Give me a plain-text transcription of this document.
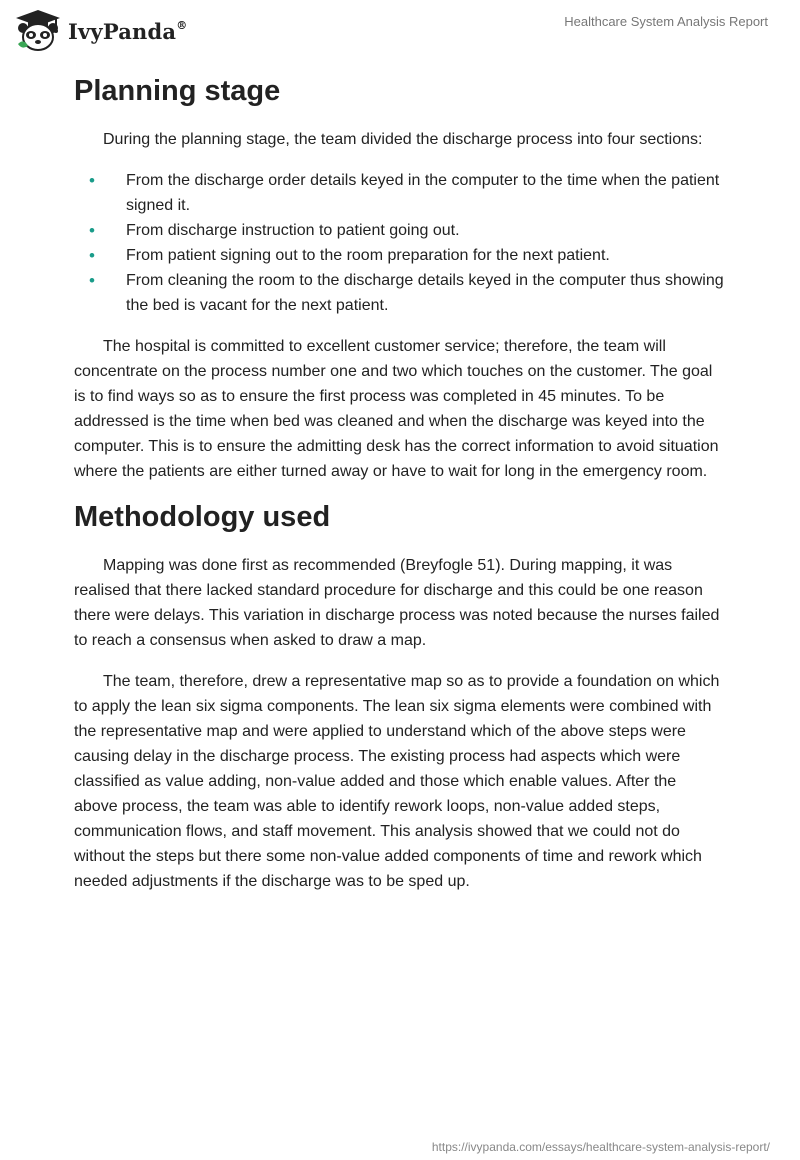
IvyPanda®	Healthcare System Analysis Report
Planning stage

During the planning stage, the team divided the discharge process into four sections:

• From the discharge order details keyed in the computer to the time when the patient signed it.
• From discharge instruction to patient going out.
• From patient signing out to the room preparation for the next patient.
• From cleaning the room to the discharge details keyed in the computer thus showing the bed is vacant for the next patient.

The hospital is committed to excellent customer service; therefore, the team will concentrate on the process number one and two which touches on the customer. The goal is to find ways so as to ensure the first process was completed in 45 minutes. To be addressed is the time when bed was cleaned and when the discharge was keyed into the computer. This is to ensure the admitting desk has the correct information to avoid situation where the patients are either turned away or have to wait for long in the emergency room.

Methodology used

Mapping was done first as recommended (Breyfogle 51). During mapping, it was realised that there lacked standard procedure for discharge and this could be one reason there were delays. This variation in discharge process was noted because the nurses failed to reach a consensus when asked to draw a map.

The team, therefore, drew a representative map so as to provide a foundation on which to apply the lean six sigma components. The lean six sigma elements were combined with the representative map and were applied to understand which of the above steps were causing delay in the discharge process. The existing process had aspects which were classified as value adding, non-value added and those which enable values. After the above process, the team was able to identify rework loops, non-value added steps, communication flows, and staff movement. This analysis showed that we could not do without the steps but there some non-value added components of time and rework which needed adjustments if the discharge was to be sped up.

https://ivypanda.com/essays/healthcare-system-analysis-report/
